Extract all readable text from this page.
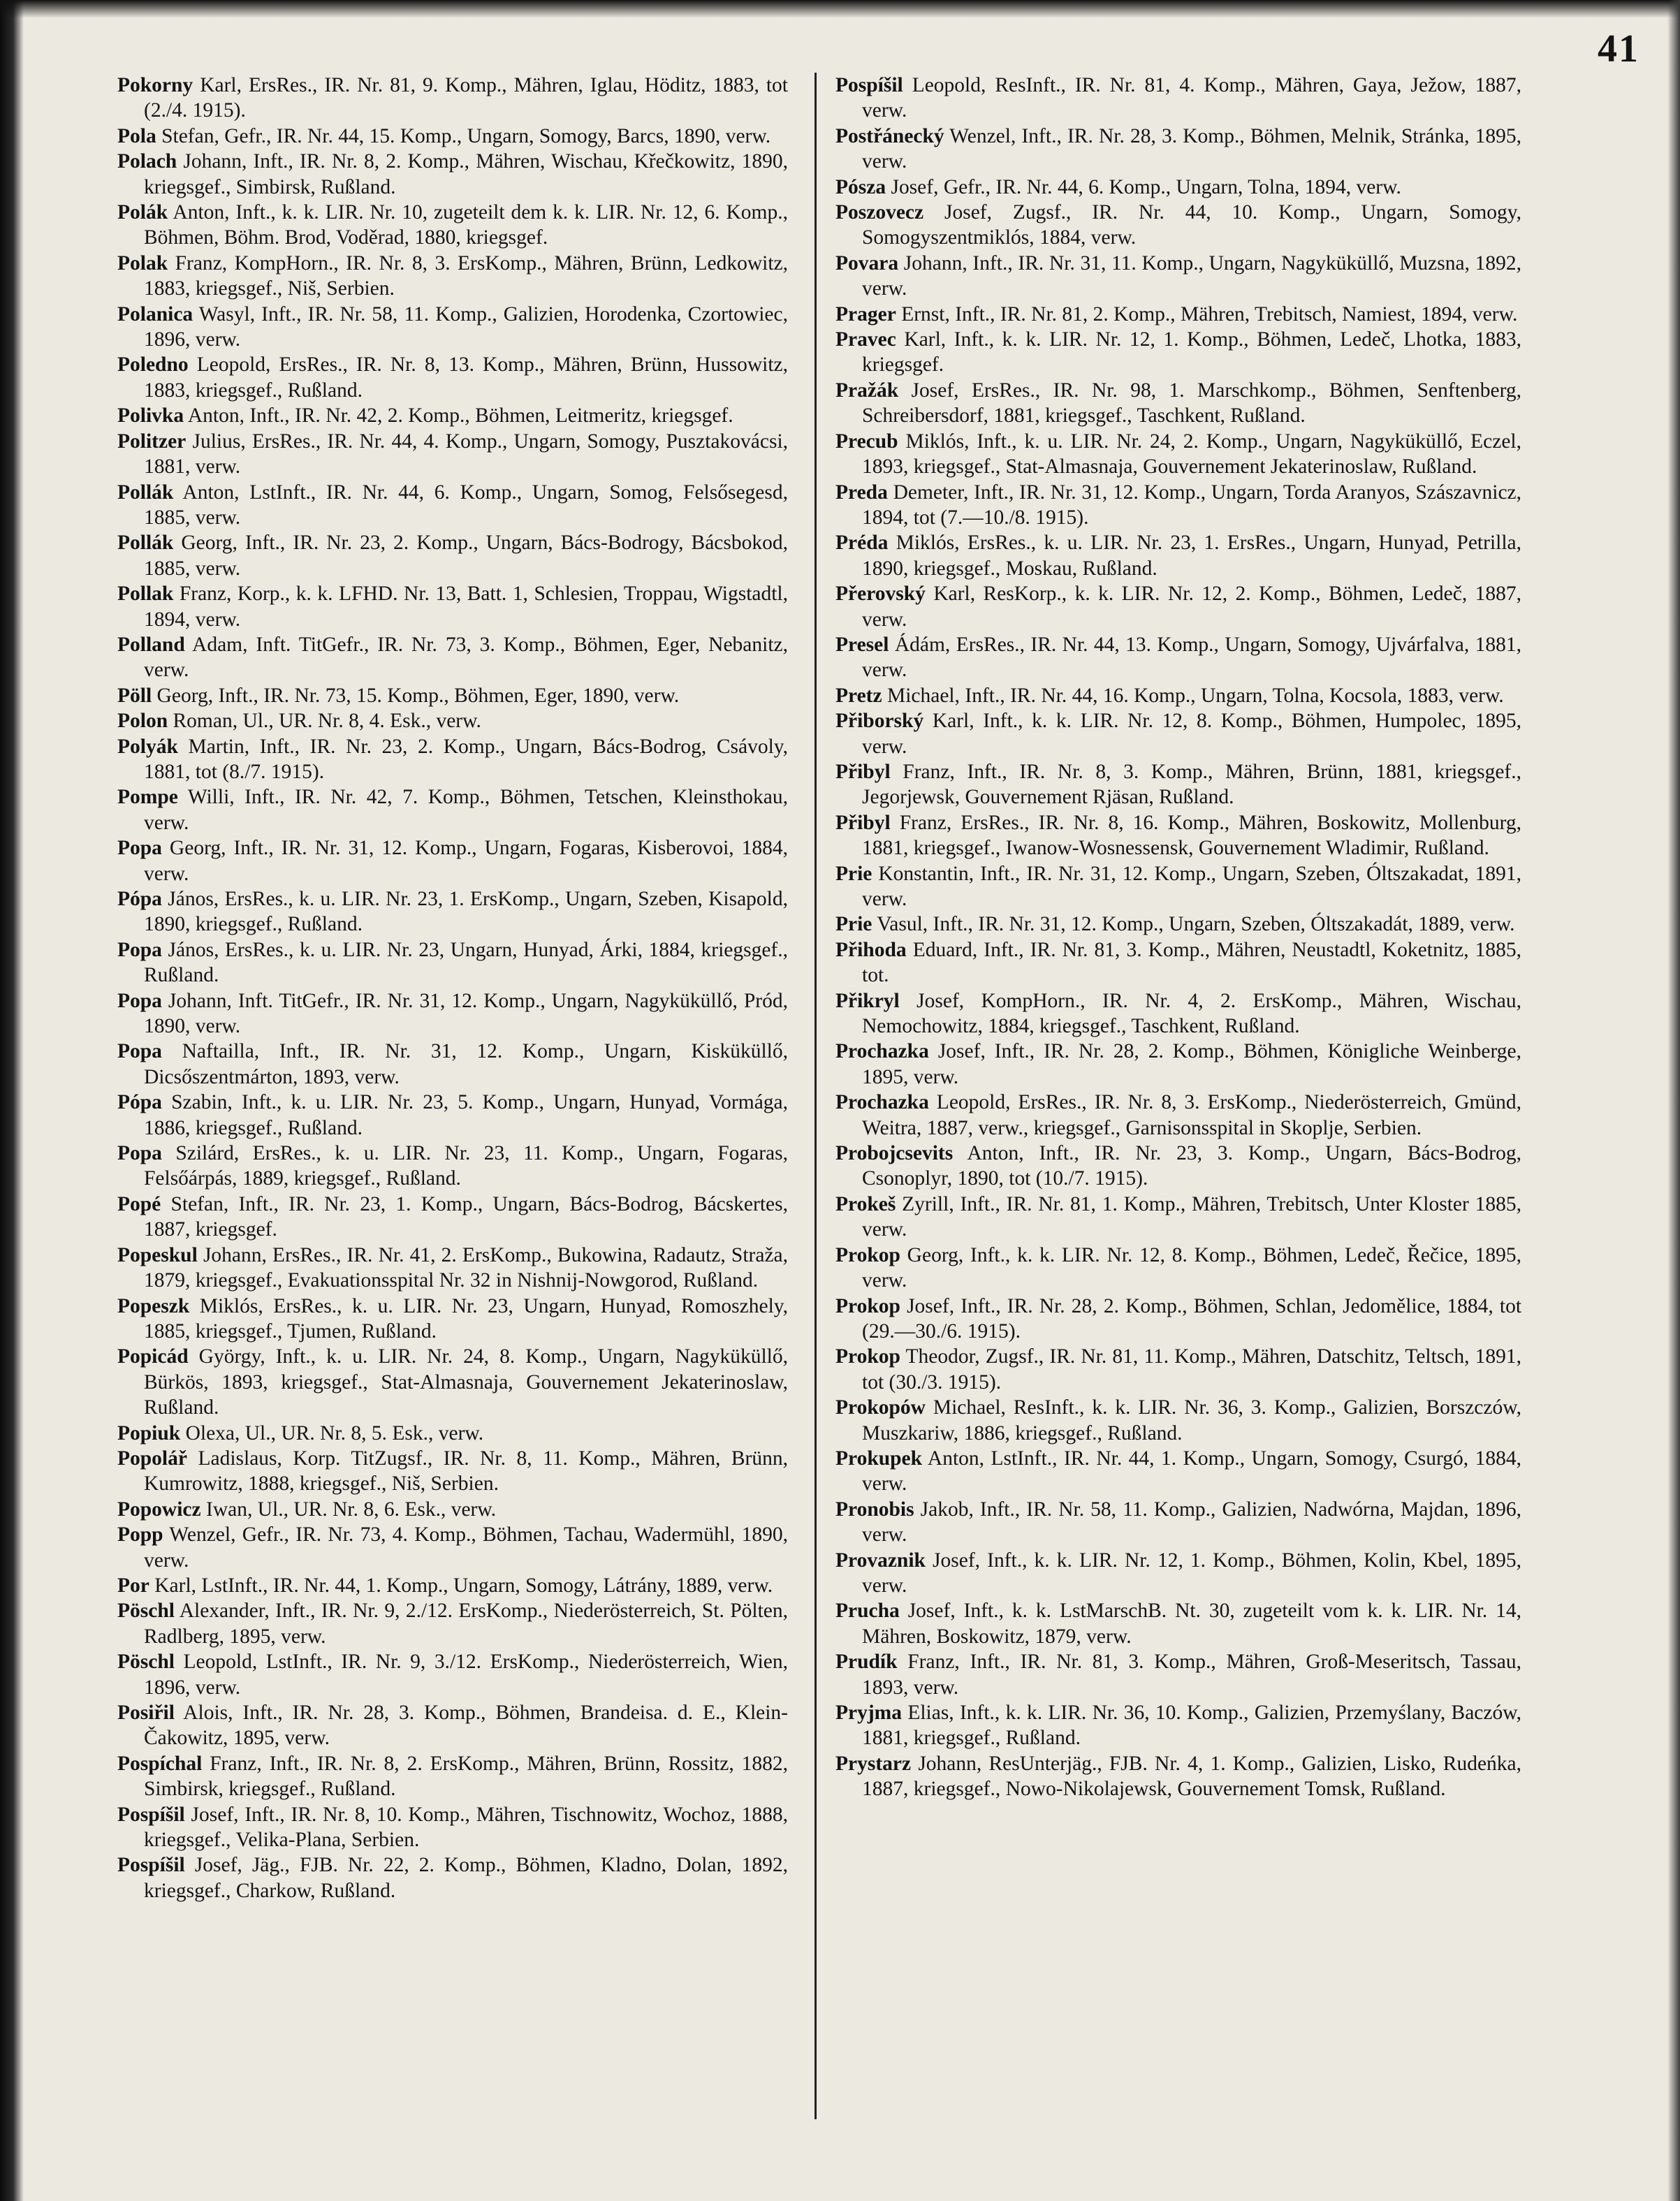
41

Pokorny Karl, ErsRes., IR. Nr. 81, 9. Komp., Mähren, Iglau, Höditz, 1883, tot (2./4. 1915).

Pola Stefan, Gefr., IR. Nr. 44, 15. Komp., Ungarn, Somogy, Barcs, 1890, verw.

Polach Johann, Inft., IR. Nr. 8, 2. Komp., Mähren, Wischau, Křečkowitz, 1890, kriegsgef., Simbirsk, Rußland.

Polák Anton, Inft., k. k. LIR. Nr. 10, zugeteilt dem k. k. LIR. Nr. 12, 6. Komp., Böhmen, Böhm. Brod, Voděrad, 1880, kriegsgef.

Polak Franz, KompHorn., IR. Nr. 8, 3. ErsKomp., Mähren, Brünn, Ledkowitz, 1883, kriegsgef., Niš, Serbien.

Polanica Wasyl, Inft., IR. Nr. 58, 11. Komp., Galizien, Horodenka, Czortowiec, 1896, verw.

Poledno Leopold, ErsRes., IR. Nr. 8, 13. Komp., Mähren, Brünn, Hussowitz, 1883, kriegsgef., Rußland.

Polivka Anton, Inft., IR. Nr. 42, 2. Komp., Böhmen, Leitmeritz, kriegsgef.

Politzer Julius, ErsRes., IR. Nr. 44, 4. Komp., Ungarn, Somogy, Pusztakovácsi, 1881, verw.

Pollák Anton, LstInft., IR. Nr. 44, 6. Komp., Ungarn, Somog, Felsősegesd, 1885, verw.

Pollák Georg, Inft., IR. Nr. 23, 2. Komp., Ungarn, Bács-Bodrogy, Bácsbokod, 1885, verw.

Pollak Franz, Korp., k. k. LFHD. Nr. 13, Batt. 1, Schlesien, Troppau, Wigstadtl, 1894, verw.

Polland Adam, Inft. TitGefr., IR. Nr. 73, 3. Komp., Böhmen, Eger, Nebanitz, verw.

Pöll Georg, Inft., IR. Nr. 73, 15. Komp., Böhmen, Eger, 1890, verw.

Polon Roman, Ul., UR. Nr. 8, 4. Esk., verw.

Polyák Martin, Inft., IR. Nr. 23, 2. Komp., Ungarn, Bács-Bodrog, Csávoly, 1881, tot (8./7. 1915).

Pompe Willi, Inft., IR. Nr. 42, 7. Komp., Böhmen, Tetschen, Kleinsthokau, verw.

Popa Georg, Inft., IR. Nr. 31, 12. Komp., Ungarn, Fogaras, Kisberovoi, 1884, verw.

Pópa János, ErsRes., k. u. LIR. Nr. 23, 1. ErsKomp., Ungarn, Szeben, Kisapold, 1890, kriegsgef., Rußland.

Popa János, ErsRes., k. u. LIR. Nr. 23, Ungarn, Hunyad, Árki, 1884, kriegsgef., Rußland.

Popa Johann, Inft. TitGefr., IR. Nr. 31, 12. Komp., Ungarn, Nagyküküllő, Pród, 1890, verw.

Popa Naftailla, Inft., IR. Nr. 31, 12. Komp., Ungarn, Kisküküllő, Dicsőszentmárton, 1893, verw.

Pópa Szabin, Inft., k. u. LIR. Nr. 23, 5. Komp., Ungarn, Hunyad, Vormága, 1886, kriegsgef., Rußland.

Popa Szilárd, ErsRes., k. u. LIR. Nr. 23, 11. Komp., Ungarn, Fogaras, Felsőárpás, 1889, kriegsgef., Rußland.

Popé Stefan, Inft., IR. Nr. 23, 1. Komp., Ungarn, Bács-Bodrog, Bácskertes, 1887, kriegsgef.

Popeskul Johann, ErsRes., IR. Nr. 41, 2. ErsKomp., Bukowina, Radautz, Straža, 1879, kriegsgef., Evakuationsspital Nr. 32 in Nishnij-Nowgorod, Rußland.

Popeszk Miklós, ErsRes., k. u. LIR. Nr. 23, Ungarn, Hunyad, Romoszhely, 1885, kriegsgef., Tjumen, Rußland.

Popicád György, Inft., k. u. LIR. Nr. 24, 8. Komp., Ungarn, Nagyküküllő, Bürkös, 1893, kriegsgef., Stat-Almasnaja, Gouvernement Jekaterinoslaw, Rußland.

Popiuk Olexa, Ul., UR. Nr. 8, 5. Esk., verw.

Popolář Ladislaus, Korp. TitZugsf., IR. Nr. 8, 11. Komp., Mähren, Brünn, Kumrowitz, 1888, kriegsgef., Niš, Serbien.

Popowicz Iwan, Ul., UR. Nr. 8, 6. Esk., verw.

Popp Wenzel, Gefr., IR. Nr. 73, 4. Komp., Böhmen, Tachau, Wadermühl, 1890, verw.

Por Karl, LstInft., IR. Nr. 44, 1. Komp., Ungarn, Somogy, Látrány, 1889, verw.

Pöschl Alexander, Inft., IR. Nr. 9, 2./12. ErsKomp., Niederösterreich, St. Pölten, Radlberg, 1895, verw.

Pöschl Leopold, LstInft., IR. Nr. 9, 3./12. ErsKomp., Niederösterreich, Wien, 1896, verw.

Posiřil Alois, Inft., IR. Nr. 28, 3. Komp., Böhmen, Brandeisa. d. E., Klein-Čakowitz, 1895, verw.

Pospíchal Franz, Inft., IR. Nr. 8, 2. ErsKomp., Mähren, Brünn, Rossitz, 1882, Simbirsk, kriegsgef., Rußland.

Pospíšil Josef, Inft., IR. Nr. 8, 10. Komp., Mähren, Tischnowitz, Wochoz, 1888, kriegsgef., Velika-Plana, Serbien.

Pospíšil Josef, Jäg., FJB. Nr. 22, 2. Komp., Böhmen, Kladno, Dolan, 1892, kriegsgef., Charkow, Rußland.

Pospíšil Leopold, ResInft., IR. Nr. 81, 4. Komp., Mähren, Gaya, Ježow, 1887, verw.

Postřánecký Wenzel, Inft., IR. Nr. 28, 3. Komp., Böhmen, Melnik, Stránka, 1895, verw.

Pósza Josef, Gefr., IR. Nr. 44, 6. Komp., Ungarn, Tolna, 1894, verw.

Poszovecz Josef, Zugsf., IR. Nr. 44, 10. Komp., Ungarn, Somogy, Somogyszentmiklós, 1884, verw.

Povara Johann, Inft., IR. Nr. 31, 11. Komp., Ungarn, Nagyküküllő, Muzsna, 1892, verw.

Prager Ernst, Inft., IR. Nr. 81, 2. Komp., Mähren, Trebitsch, Namiest, 1894, verw.

Pravec Karl, Inft., k. k. LIR. Nr. 12, 1. Komp., Böhmen, Ledeč, Lhotka, 1883, kriegsgef.

Pražák Josef, ErsRes., IR. Nr. 98, 1. Marschkomp., Böhmen, Senftenberg, Schreibersdorf, 1881, kriegsgef., Taschkent, Rußland.

Precub Miklós, Inft., k. u. LIR. Nr. 24, 2. Komp., Ungarn, Nagyküküllő, Eczel, 1893, kriegsgef., Stat-Almasnaja, Gouvernement Jekaterinoslaw, Rußland.

Preda Demeter, Inft., IR. Nr. 31, 12. Komp., Ungarn, Torda Aranyos, Szászavnicz, 1894, tot (7.—10./8. 1915).

Préda Miklós, ErsRes., k. u. LIR. Nr. 23, 1. ErsRes., Ungarn, Hunyad, Petrilla, 1890, kriegsgef., Moskau, Rußland.

Přerovský Karl, ResKorp., k. k. LIR. Nr. 12, 2. Komp., Böhmen, Ledeč, 1887, verw.

Presel Ádám, ErsRes., IR. Nr. 44, 13. Komp., Ungarn, Somogy, Ujvárfalva, 1881, verw.

Pretz Michael, Inft., IR. Nr. 44, 16. Komp., Ungarn, Tolna, Kocsola, 1883, verw.

Přiborský Karl, Inft., k. k. LIR. Nr. 12, 8. Komp., Böhmen, Humpolec, 1895, verw.

Přibyl Franz, Inft., IR. Nr. 8, 3. Komp., Mähren, Brünn, 1881, kriegsgef., Jegorjewsk, Gouvernement Rjäsan, Rußland.

Přibyl Franz, ErsRes., IR. Nr. 8, 16. Komp., Mähren, Boskowitz, Mollenburg, 1881, kriegsgef., Iwanow-Wosnessensk, Gouvernement Wladimir, Rußland.

Prie Konstantin, Inft., IR. Nr. 31, 12. Komp., Ungarn, Szeben, Óltszakadat, 1891, verw.

Prie Vasul, Inft., IR. Nr. 31, 12. Komp., Ungarn, Szeben, Óltszakadát, 1889, verw.

Přihoda Eduard, Inft., IR. Nr. 81, 3. Komp., Mähren, Neustadtl, Koketnitz, 1885, tot.

Přikryl Josef, KompHorn., IR. Nr. 4, 2. ErsKomp., Mähren, Wischau, Nemochowitz, 1884, kriegsgef., Taschkent, Rußland.

Prochazka Josef, Inft., IR. Nr. 28, 2. Komp., Böhmen, Königliche Weinberge, 1895, verw.

Prochazka Leopold, ErsRes., IR. Nr. 8, 3. ErsKomp., Niederösterreich, Gmünd, Weitra, 1887, verw., kriegsgef., Garnisonsspital in Skoplje, Serbien.

Probojcsevits Anton, Inft., IR. Nr. 23, 3. Komp., Ungarn, Bács-Bodrog, Csonoplyr, 1890, tot (10./7. 1915).

Prokeš Zyrill, Inft., IR. Nr. 81, 1. Komp., Mähren, Trebitsch, Unter Kloster 1885, verw.

Prokop Georg, Inft., k. k. LIR. Nr. 12, 8. Komp., Böhmen, Ledeč, Řečice, 1895, verw.

Prokop Josef, Inft., IR. Nr. 28, 2. Komp., Böhmen, Schlan, Jedomělice, 1884, tot (29.—30./6. 1915).

Prokop Theodor, Zugsf., IR. Nr. 81, 11. Komp., Mähren, Datschitz, Teltsch, 1891, tot (30./3. 1915).

Prokopów Michael, ResInft., k. k. LIR. Nr. 36, 3. Komp., Galizien, Borszczów, Muszkariw, 1886, kriegsgef., Rußland.

Prokupek Anton, LstInft., IR. Nr. 44, 1. Komp., Ungarn, Somogy, Csurgó, 1884, verw.

Pronobis Jakob, Inft., IR. Nr. 58, 11. Komp., Galizien, Nadwórna, Majdan, 1896, verw.

Provaznik Josef, Inft., k. k. LIR. Nr. 12, 1. Komp., Böhmen, Kolin, Kbel, 1895, verw.

Prucha Josef, Inft., k. k. LstMarschB. Nt. 30, zugeteilt vom k. k. LIR. Nr. 14, Mähren, Boskowitz, 1879, verw.

Prudík Franz, Inft., IR. Nr. 81, 3. Komp., Mähren, Groß-Meseritsch, Tassau, 1893, verw.

Pryjma Elias, Inft., k. k. LIR. Nr. 36, 10. Komp., Galizien, Przemyślany, Baczów, 1881, kriegsgef., Rußland.

Prystarz Johann, ResUnterjäg., FJB. Nr. 4, 1. Komp., Galizien, Lisko, Rudeńka, 1887, kriegsgef., Nowo-Nikolajewsk, Gouvernement Tomsk, Rußland.
